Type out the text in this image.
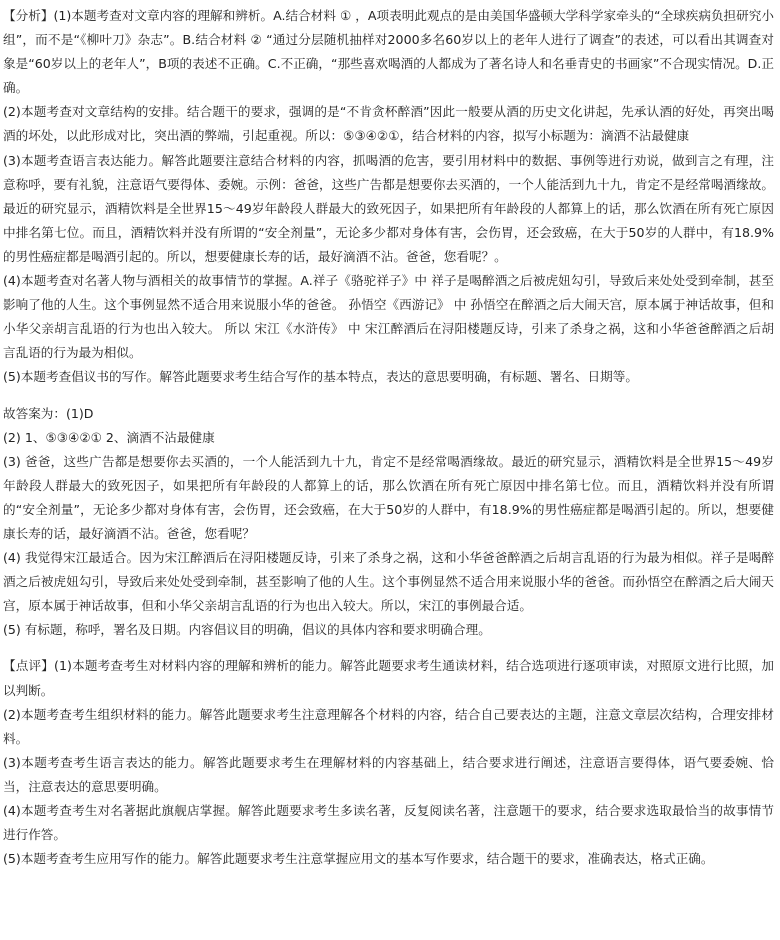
【分析】(1)本题考查对文章内容的理解和辨析。A.结合材料 ① ，A项表明此观点的是由美国华盛顿大学科学家牵头的“全球疾病负担研究小组”，而不是“《柳叶刀》杂志”。B.结合材料 ② “通过分层随机抽样对2000多名60岁以上的老年人进行了调查”的表述，可以看出其调查对象是“60岁以上的老年人”，B项的表述不正确。C.不正确，“那些喜欢喝酒的人都成为了著名诗人和名垂青史的书画家”不合现实情况。D.正确。

(2)本题考查对文章结构的安排。结合题干的要求，强调的是“不肯贪杯醉酒”因此一般要从酒的历史文化讲起，先承认酒的好处，再突出喝酒的坏处，以此形成对比，突出酒的弊端，引起重视。所以：⑤③④②①，结合材料的内容，拟写小标题为：滴酒不沾最健康

(3)本题考查语言表达能力。解答此题要注意结合材料的内容，抓喝酒的危害，要引用材料中的数据、事例等进行劝说，做到言之有理，注意称呼，要有礼貌，注意语气要得体、委婉。示例：爸爸，这些广告都是想要你去买酒的，一个人能活到九十九，肯定不是经常喝酒缘故。最近的研究显示，酒精饮料是全世界15～49岁年龄段人群最大的致死因子，如果把所有年龄段的人都算上的话，那么饮酒在所有死亡原因中排名第七位。而且，酒精饮料并没有所谓的“安全剂量”，无论多少都对身体有害，会伤胃，还会致癌，在大于50岁的人群中，有18.9%的男性癌症都是喝酒引起的。所以，想要健康长寿的话，最好滴酒不沾。爸爸，您看呢？。

(4)本题考查对名著人物与酒相关的故事情节的掌握。A.祥子《骆驼祥子》中 祥子是喝醉酒之后被虎妞勾引，导致后来处处受到牵制，甚至影响了他的人生。这个事例显然不适合用来说服小华的爸爸。 孙悟空《西游记》 中 孙悟空在醉酒之后大闹天宫，原本属于神话故事，但和小华父亲胡言乱语的行为也出入较大。 所以 宋江《水浒传》 中 宋江醉酒后在浔阳楼题反诗，引来了杀身之祸，这和小华爸爸醉酒之后胡言乱语的行为最为相似。

(5)本题考查倡议书的写作。解答此题要求考生结合写作的基本特点，表达的意思要明确，有标题、署名、日期等。

故答案为：(1)D

(2) 1、⑤③④②① 2、滴酒不沾最健康

(3) 爸爸，这些广告都是想要你去买酒的，一个人能活到九十九，肯定不是经常喝酒缘故。最近的研究显示，酒精饮料是全世界15～49岁年龄段人群最大的致死因子，如果把所有年龄段的人都算上的话，那么饮酒在所有死亡原因中排名第七位。而且，酒精饮料并没有所谓的“安全剂量”，无论多少都对身体有害，会伤胃，还会致癌，在大于50岁的人群中，有18.9%的男性癌症都是喝酒引起的。所以，想要健康长寿的话，最好滴酒不沾。爸爸，您看呢？

(4) 我觉得宋江最适合。因为宋江醉酒后在浔阳楼题反诗，引来了杀身之祸，这和小华爸爸醉酒之后胡言乱语的行为最为相似。祥子是喝醉酒之后被虎妞勾引，导致后来处处受到牵制，甚至影响了他的人生。这个事例显然不适合用来说服小华的爸爸。而孙悟空在醉酒之后大闹天宫，原本属于神话故事，但和小华父亲胡言乱语的行为也出入较大。所以，宋江的事例最合适。

(5) 有标题，称呼，署名及日期。内容倡议目的明确，倡议的具体内容和要求明确合理。

【点评】(1)本题考查考生对材料内容的理解和辨析的能力。解答此题要求考生通读材料，结合选项进行逐项审读，对照原文进行比照，加以判断。

(2)本题考查考生组织材料的能力。解答此题要求考生注意理解各个材料的内容，结合自己要表达的主题，注意文章层次结构，合理安排材料。

(3)本题考查考生语言表达的能力。解答此题要求考生在理解材料的内容基础上，结合要求进行阐述，注意语言要得体，语气要委婉、恰当，注意表达的意思要明确。

(4)本题考查考生对名著据此旗舰店掌握。解答此题要求考生多读名著，反复阅读名著，注意题干的要求，结合要求选取最恰当的故事情节进行作答。

(5)本题考查考生应用写作的能力。解答此题要求考生注意掌握应用文的基本写作要求，结合题干的要求，准确表达，格式正确。
